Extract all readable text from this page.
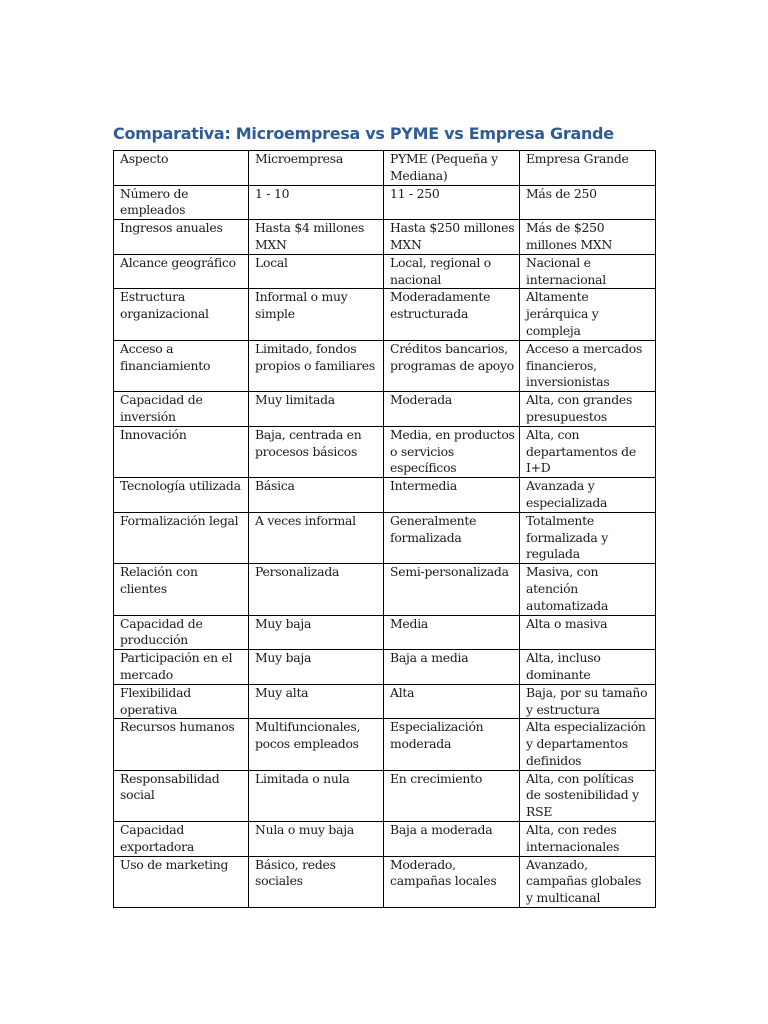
Comparativa: Microempresa vs PYME vs Empresa Grande
Aspecto	Microempresa	PYME (Pequeña y Mediana)	Empresa Grande
Número de empleados	1 - 10	11 - 250	Más de 250
Ingresos anuales	Hasta $4 millones MXN	Hasta $250 millones MXN	Más de $250 millones MXN
Alcance geográfico	Local	Local, regional o nacional	Nacional e internacional
Estructura organizacional	Informal o muy simple	Moderadamente estructurada	Altamente jerárquica y compleja
Acceso a financiamiento	Limitado, fondos propios o familiares	Créditos bancarios, programas de apoyo	Acceso a mercados financieros, inversionistas
Capacidad de inversión	Muy limitada	Moderada	Alta, con grandes presupuestos
Innovación	Baja, centrada en procesos básicos	Media, en productos o servicios específicos	Alta, con departamentos de I+D
Tecnología utilizada	Básica	Intermedia	Avanzada y especializada
Formalización legal	A veces informal	Generalmente formalizada	Totalmente formalizada y regulada
Relación con clientes	Personalizada	Semi-personalizada	Masiva, con atención automatizada
Capacidad de producción	Muy baja	Media	Alta o masiva
Participación en el mercado	Muy baja	Baja a media	Alta, incluso dominante
Flexibilidad operativa	Muy alta	Alta	Baja, por su tamaño y estructura
Recursos humanos	Multifuncionales, pocos empleados	Especialización moderada	Alta especialización y departamentos definidos
Responsabilidad social	Limitada o nula	En crecimiento	Alta, con políticas de sostenibilidad y RSE
Capacidad exportadora	Nula o muy baja	Baja a moderada	Alta, con redes internacionales
Uso de marketing	Básico, redes sociales	Moderado, campañas locales	Avanzado, campañas globales y multicanal
